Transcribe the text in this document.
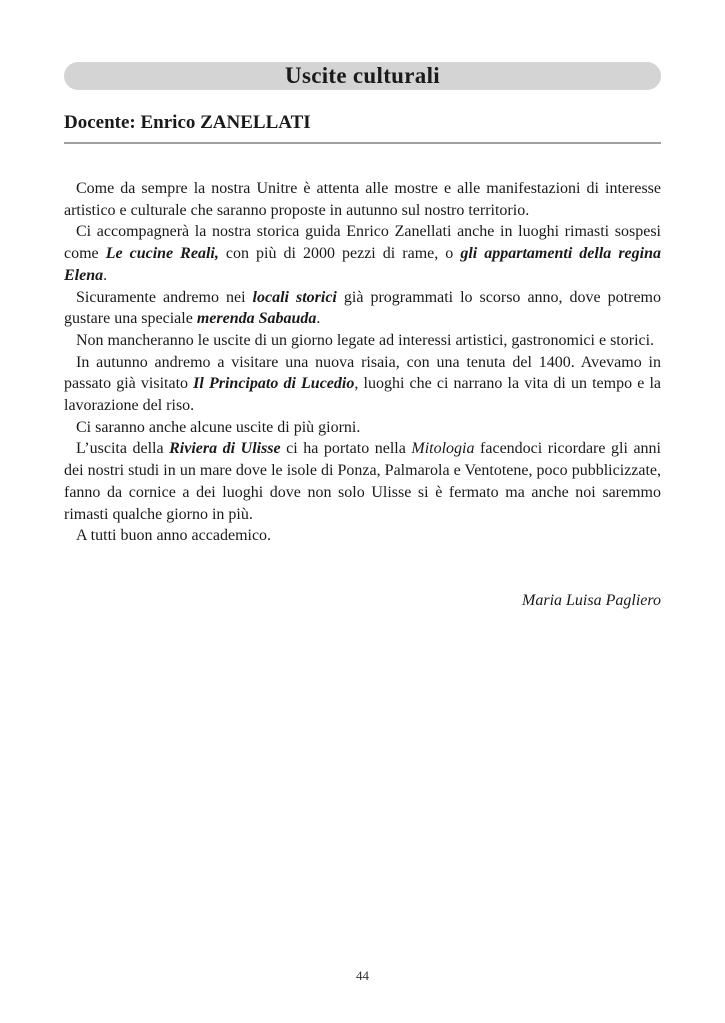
Uscite culturali
Docente: Enrico ZANELLATI

Come da sempre la nostra Unitre è attenta alle mostre e alle manifestazioni di interesse artistico e culturale che saranno proposte in autunno sul nostro territorio.

Ci accompagnerà la nostra storica guida Enrico Zanellati anche in luoghi rimasti sospesi come Le cucine Reali, con più di 2000 pezzi di rame, o gli appartamenti della regina Elena.

Sicuramente andremo nei locali storici già programmati lo scorso anno, dove potremo gustare una speciale merenda Sabauda.

Non mancheranno le uscite di un giorno legate ad interessi artistici, gastronomici e storici.

In autunno andremo a visitare una nuova risaia, con una tenuta del 1400. Avevamo in passato già visitato Il Principato di Lucedio, luoghi che ci narrano la vita di un tempo e la lavorazione del riso.

Ci saranno anche alcune uscite di più giorni.

L’uscita della Riviera di Ulisse ci ha portato nella Mitologia facendoci ricordare gli anni dei nostri studi in un mare dove le isole di Ponza, Palmarola e Ventotene, poco pubblicizzate, fanno da cornice a dei luoghi dove non solo Ulisse si è fermato ma anche noi saremmo rimasti qualche giorno in più.

A tutti buon anno accademico.

Maria Luisa Pagliero
44
